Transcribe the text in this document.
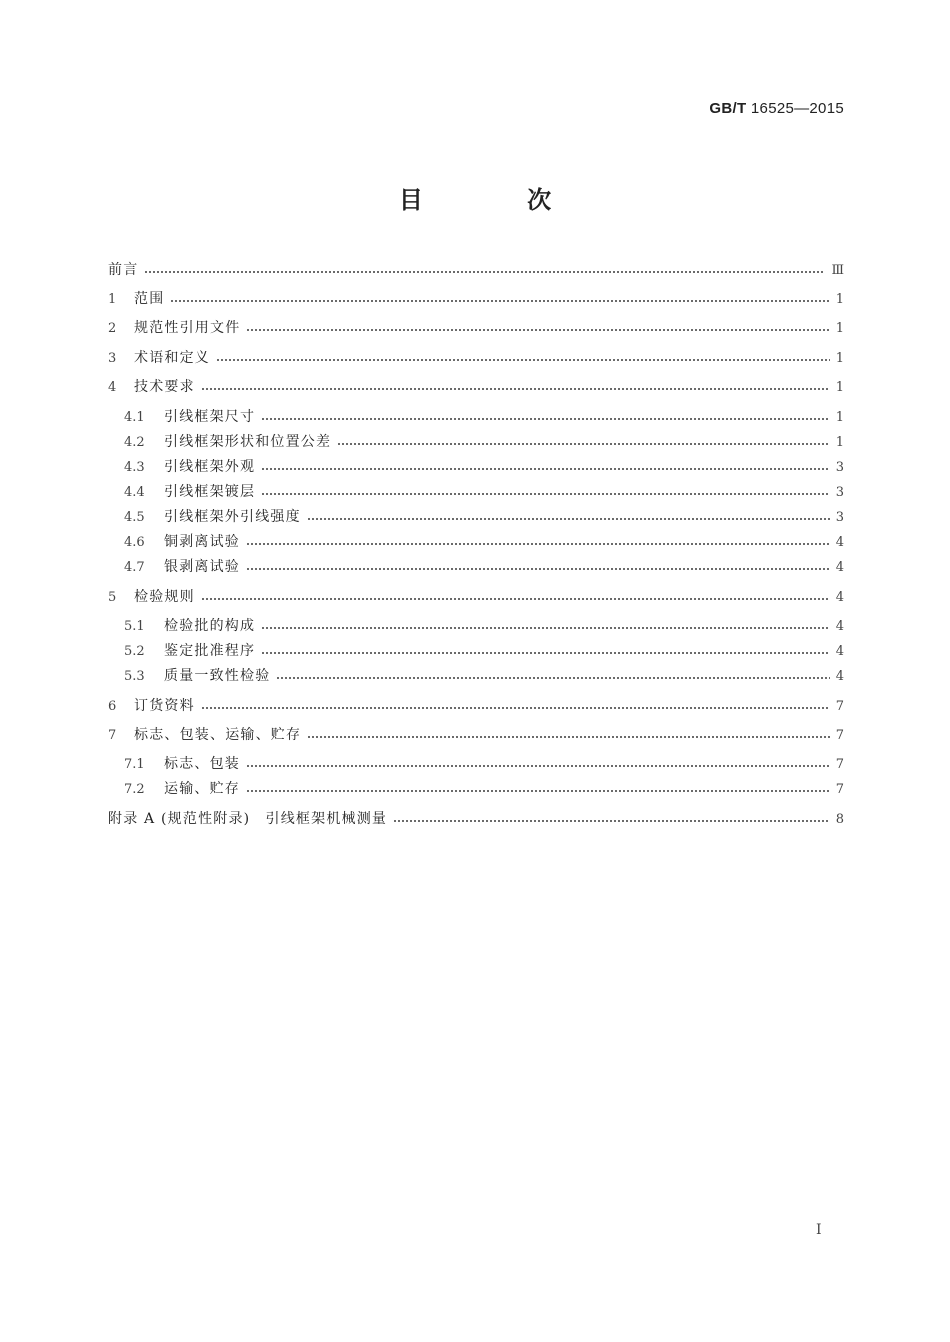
GB/T 16525—2015
目 次
前言	Ⅲ
1	范围	1
2	规范性引用文件	1
3	术语和定义	1
4	技术要求	1
4.1	引线框架尺寸	1
4.2	引线框架形状和位置公差	1
4.3	引线框架外观	3
4.4	引线框架镀层	3
4.5	引线框架外引线强度	3
4.6	铜剥离试验	4
4.7	银剥离试验	4
5	检验规则	4
5.1	检验批的构成	4
5.2	鉴定批准程序	4
5.3	质量一致性检验	4
6	订货资料	7
7	标志、包装、运输、贮存	7
7.1	标志、包装	7
7.2	运输、贮存	7
附录 A (规范性附录)　引线框架机械测量	8
I
